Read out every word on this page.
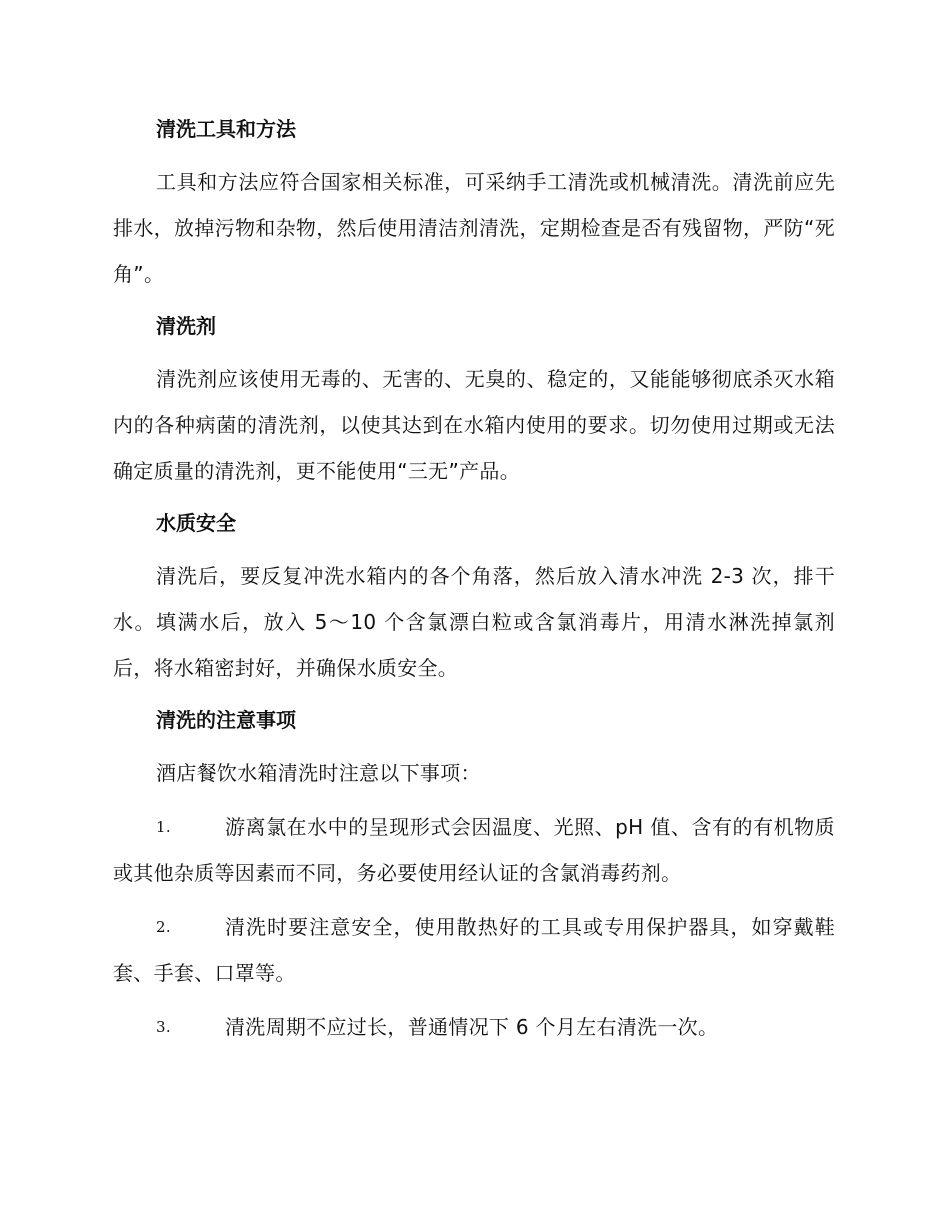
清洗工具和方法

工具和方法应符合国家相关标准，可采纳手工清洗或机械清洗。清洗前应先排水，放掉污物和杂物，然后使用清洁剂清洗，定期检查是否有残留物，严防“死角”。

清洗剂

清洗剂应该使用无毒的、无害的、无臭的、稳定的，又能能够彻底杀灭水箱内的各种病菌的清洗剂，以使其达到在水箱内使用的要求。切勿使用过期或无法确定质量的清洗剂，更不能使用“三无”产品。

水质安全

清洗后，要反复冲洗水箱内的各个角落，然后放入清水冲洗 2-3 次，排干水。填满水后，放入 5～10 个含氯漂白粒或含氯消毒片，用清水淋洗掉氯剂后，将水箱密封好，并确保水质安全。

清洗的注意事项

酒店餐饮水箱清洗时注意以下事项：

1.	游离氯在水中的呈现形式会因温度、光照、pH 值、含有的有机物质或其他杂质等因素而不同，务必要使用经认证的含氯消毒药剂。

2.	清洗时要注意安全，使用散热好的工具或专用保护器具，如穿戴鞋套、手套、口罩等。

3.	清洗周期不应过长，普通情况下 6 个月左右清洗一次。
